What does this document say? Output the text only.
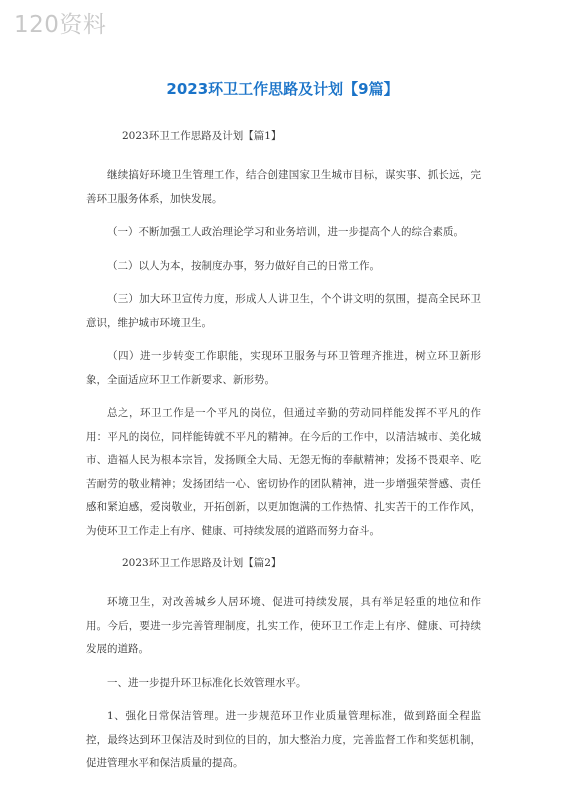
120资料
2023环卫工作思路及计划【9篇】

2023环卫工作思路及计划【篇1】

继续搞好环境卫生管理工作，结合创建国家卫生城市目标，谋实事、抓长远，完善环卫服务体系，加快发展。

（一）不断加强工人政治理论学习和业务培训，进一步提高个人的综合素质。

（二）以人为本，按制度办事，努力做好自己的日常工作。

（三）加大环卫宣传力度，形成人人讲卫生，个个讲文明的氛围，提高全民环卫意识，维护城市环境卫生。

（四）进一步转变工作职能，实现环卫服务与环卫管理齐推进，树立环卫新形象，全面适应环卫工作新要求、新形势。

总之，环卫工作是一个平凡的岗位，但通过辛勤的劳动同样能发挥不平凡的作用：平凡的岗位，同样能铸就不平凡的精神。在今后的工作中，以清洁城市、美化城市、造福人民为根本宗旨，发扬顾全大局、无怨无悔的奉献精神；发扬不畏艰辛、吃苦耐劳的敬业精神；发扬团结一心、密切协作的团队精神，进一步增强荣誉感、责任感和紧迫感，爱岗敬业，开拓创新，以更加饱满的工作热情、扎实苦干的工作作风，为使环卫工作走上有序、健康、可持续发展的道路而努力奋斗。

2023环卫工作思路及计划【篇2】

环境卫生，对改善城乡人居环境、促进可持续发展，具有举足轻重的地位和作用。今后，要进一步完善管理制度，扎实工作，使环卫工作走上有序、健康、可持续发展的道路。

一、进一步提升环卫标准化长效管理水平。

1、强化日常保洁管理。进一步规范环卫作业质量管理标准，做到路面全程监控，最终达到环卫保洁及时到位的目的，加大整治力度，完善监督工作和奖惩机制，促进管理水平和保洁质量的提高。
